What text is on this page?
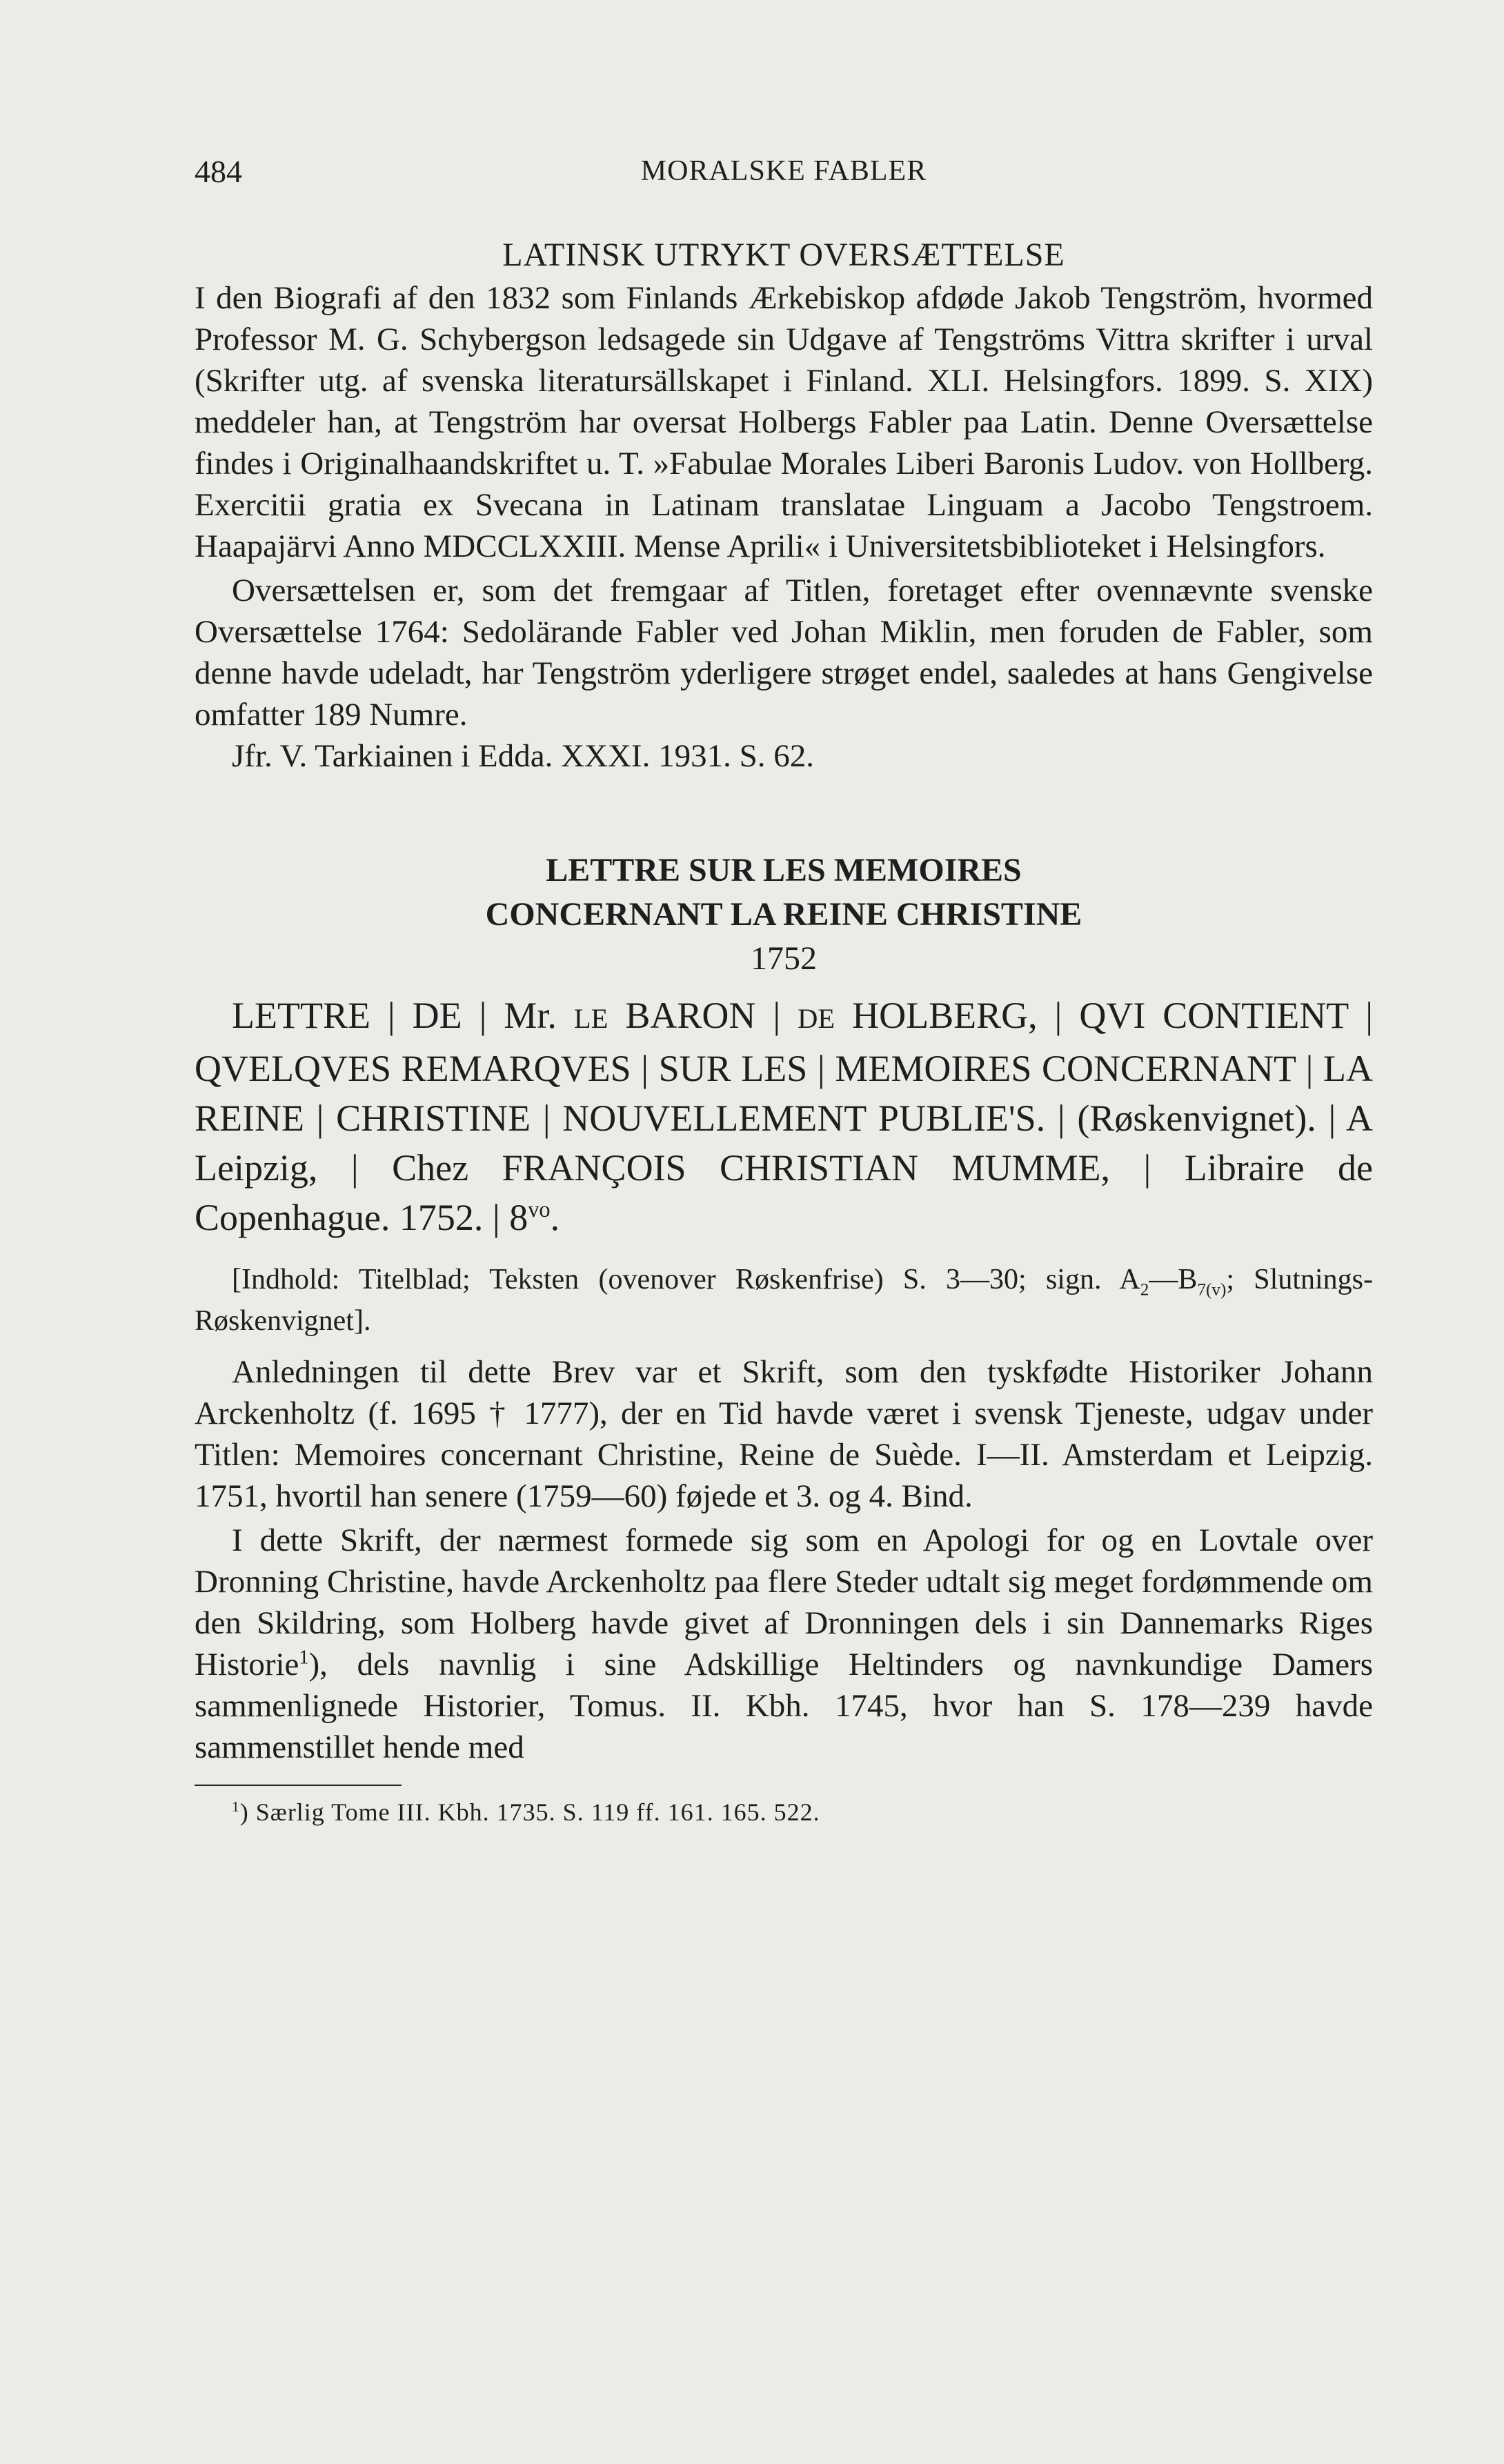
484	MORALSKE FABLER
LATINSK UTRYKT OVERSÆTTELSE

I den Biografi af den 1832 som Finlands Ærkebiskop afdøde Jakob Tengström, hvormed Professor M. G. Schybergson ledsagede sin Udgave af Tengströms Vittra skrifter i urval (Skrifter utg. af svenska literatursällskapet i Finland. XLI. Helsingfors. 1899. S. XIX) meddeler han, at Tengström har oversat Holbergs Fabler paa Latin. Denne Oversættelse findes i Originalhaandskriftet u. T. »Fabulae Morales Liberi Baronis Ludov. von Hollberg. Exercitii gratia ex Svecana in Latinam translatae Linguam a Jacobo Tengstroem. Haapajärvi Anno MDCCLXXIII. Mense Aprili« i Universitetsbiblioteket i Helsingfors.

Oversættelsen er, som det fremgaar af Titlen, foretaget efter ovennævnte svenske Oversættelse 1764: Sedolärande Fabler ved Johan Miklin, men foruden de Fabler, som denne havde udeladt, har Tengström yderligere strøget endel, saaledes at hans Gengivelse omfatter 189 Numre.

Jfr. V. Tarkiainen i Edda. XXXI. 1931. S. 62.

LETTRE SUR LES MEMOIRES
CONCERNANT LA REINE CHRISTINE
1752

LETTRE | DE | Mr. LE BARON | DE HOLBERG, | QVI CONTIENT | QVELQVES REMARQVES | SUR LES | MEMOIRES CONCERNANT | LA REINE | CHRISTINE | NOUVELLEMENT PUBLIE'S. | (Røskenvignet). | A Leipzig, | Chez FRANÇOIS CHRISTIAN MUMME, | Libraire de Copenhague. 1752. | $8^{vo}$.

[Indhold: Titelblad; Teksten (ovenover Røskenfrise) S. 3—30; sign. $A_2—B_{7(v)}$; Slutnings-Røskenvignet].

Anledningen til dette Brev var et Skrift, som den tyskfødte Historiker Johann Arckenholtz (f. 1695 † 1777), der en Tid havde været i svensk Tjeneste, udgav under Titlen: Memoires concernant Christine, Reine de Suède. I—II. Amsterdam et Leipzig. 1751, hvortil han senere (1759—60) føjede et 3. og 4. Bind.

I dette Skrift, der nærmest formede sig som en Apologi for og en Lovtale over Dronning Christine, havde Arckenholtz paa flere Steder udtalt sig meget fordømmende om den Skildring, som Holberg havde givet af Dronningen dels i sin Dannemarks Riges Historie$^1$), dels navnlig i sine Adskillige Heltinders og navnkundige Damers sammenlignede Historier, Tomus. II. Kbh. 1745, hvor han S. 178—239 havde sammenstillet hende med

$^1$) Særlig Tome III. Kbh. 1735. S. 119 ff. 161. 165. 522.
